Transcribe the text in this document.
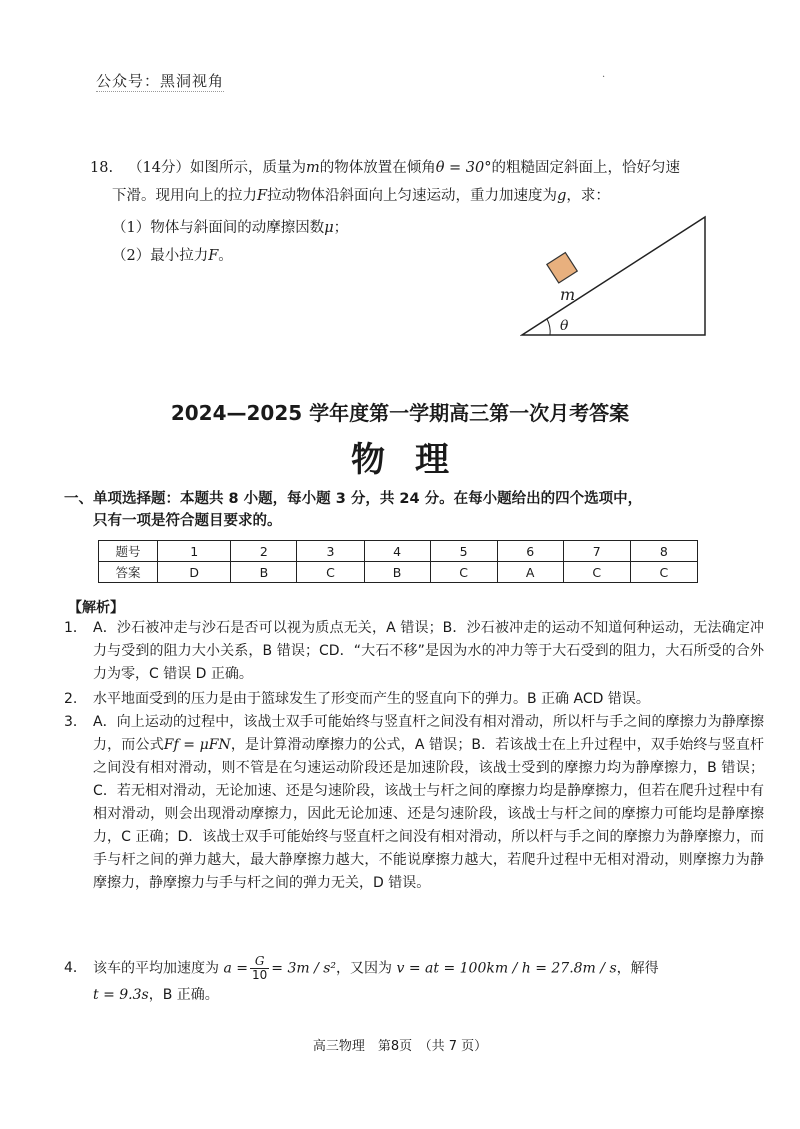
公众号：黑洞视角	·
18. （14分）如图所示，质量为m的物体放置在倾角θ = 30°的粗糙固定斜面上，恰好匀速
下滑。现用向上的拉力F拉动物体沿斜面向上匀速运动，重力加速度为g，求：
（1）物体与斜面间的动摩擦因数μ；
（2）最小拉力F。
m
θ
2024—2025 学年度第一学期高三第一次月考答案
物理
一、单项选择题：本题共 8 小题，每小题 3 分，共 24 分。在每小题给出的四个选项中，
只有一项是符合题目要求的。
题号	1	2	3	4	5	6	7	8
答案	D	B	C	B	C	A	C	C
【解析】
1． A．沙石被冲走与沙石是否可以视为质点无关，A 错误；B．沙石被冲走的运动不知道何种运动，无法确定冲力与受到的阻力大小关系，B 错误；CD．“大石不移”是因为水的冲力等于大石受到的阻力，大石所受的合外力为零，C 错误 D 正确。
2.	水平地面受到的压力是由于篮球发生了形变而产生的竖直向下的弹力。B 正确 ACD 错误。
3． A．向上运动的过程中，该战士双手可能始终与竖直杆之间没有相对滑动，所以杆与手之间的摩擦力为静摩擦力，而公式Ff = μFN，是计算滑动摩擦力的公式，A 错误；B．若该战士在上升过程中，双手始终与竖直杆之间没有相对滑动，则不管是在匀速运动阶段还是加速阶段，该战士受到的摩擦力均为静摩擦力，B 错误；C．若无相对滑动，无论加速、还是匀速阶段，该战士与杆之间的摩擦力均是静摩擦力，但若在爬升过程中有相对滑动，则会出现滑动摩擦力，因此无论加速、还是匀速阶段，该战士与杆之间的摩擦力可能均是静摩擦力，C 正确；D．该战士双手可能始终与竖直杆之间没有相对滑动，所以杆与手之间的摩擦力为静摩擦力，而手与杆之间的弹力越大，最大静摩擦力越大，不能说摩擦力越大，若爬升过程中无相对滑动，则摩擦力为静摩擦力，静摩擦力与手与杆之间的弹力无关，D 错误。
4． 该车的平均加速度为 $a = \frac{G}{10} = 3m / s^2$，又因为 v = at = 100km / h = 27.8m / s，解得
t = 9.3s，B 正确。
高三物理　第8页　（共 7 页）
